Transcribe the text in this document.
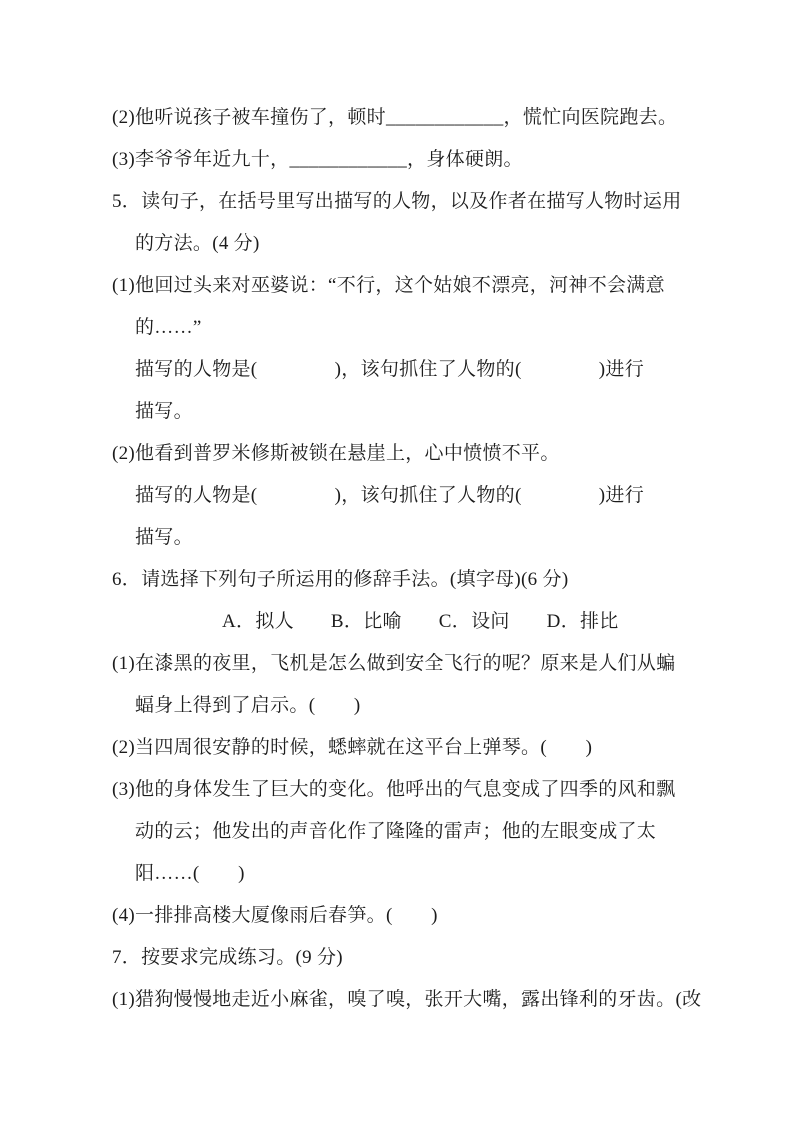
(2)他听说孩子被车撞伤了，顿时____________，慌忙向医院跑去。
(3)李爷爷年近九十，____________，身体硬朗。
5．读句子，在括号里写出描写的人物，以及作者在描写人物时运用
的方法。(4 分)
(1)他回过头来对巫婆说：“不行，这个姑娘不漂亮，河神不会满意
的……”
描写的人物是(　　　　)，该句抓住了人物的(　　　　)进行
描写。
(2)他看到普罗米修斯被锁在悬崖上，心中愤愤不平。
描写的人物是(　　　　)，该句抓住了人物的(　　　　)进行
描写。
6．请选择下列句子所运用的修辞手法。(填字母)(6 分)
A．拟人 B．比喻 C．设问 D．排比
(1)在漆黑的夜里，飞机是怎么做到安全飞行的呢？原来是人们从蝙
蝠身上得到了启示。(　　)
(2)当四周很安静的时候，蟋蟀就在这平台上弹琴。(　　)
(3)他的身体发生了巨大的变化。他呼出的气息变成了四季的风和飘
动的云；他发出的声音化作了隆隆的雷声；他的左眼变成了太
阳……(　　)
(4)一排排高楼大厦像雨后春笋。(　　)
7．按要求完成练习。(9 分)
(1)猎狗慢慢地走近小麻雀，嗅了嗅，张开大嘴，露出锋利的牙齿。(改
